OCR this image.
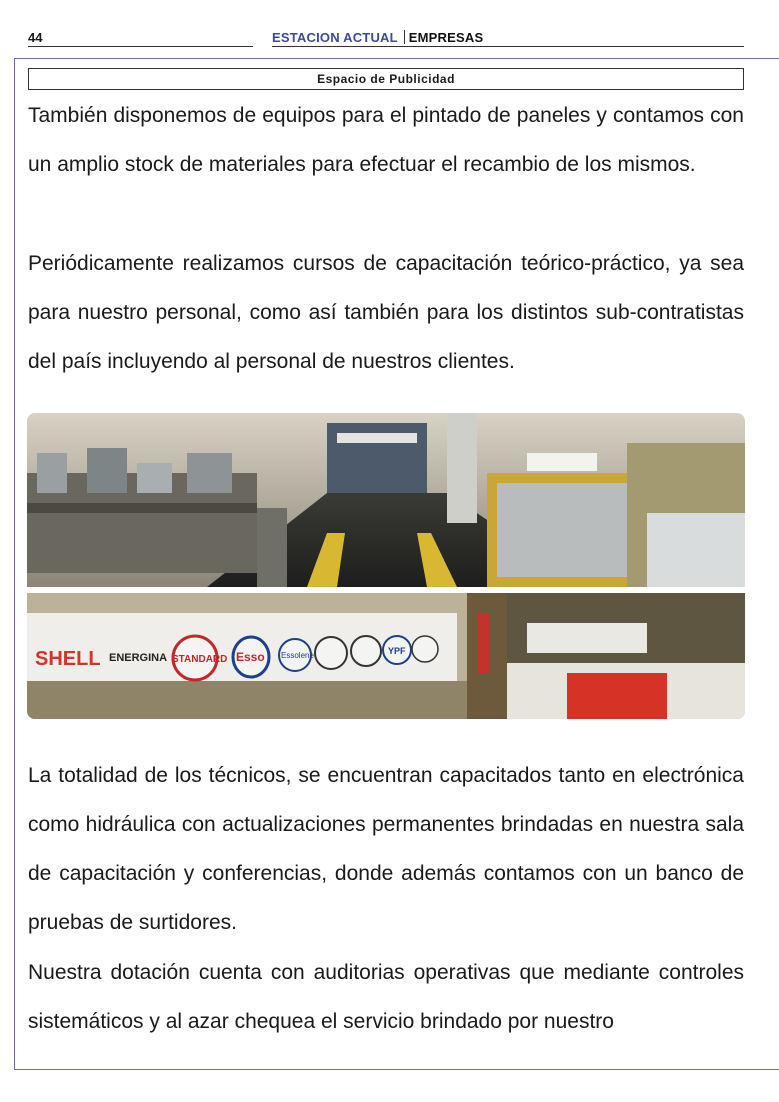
44	ESTACION ACTUAL EMPRESAS
Espacio de Publicidad
También disponemos de equipos para el pintado de paneles y contamos con un amplio stock de materiales para efectuar el recambio de los mismos.
Periódicamente realizamos cursos de capacitación teórico-práctico, ya sea para nuestro personal, como así también para los distintos sub-contratistas del país incluyendo al personal de nuestros clientes.
SHELL ENERGINA STANDARD Esso Essolene	YPF
La totalidad de los técnicos, se encuentran capacitados tanto en electrónica como hidráulica con actualizaciones permanentes brindadas en nuestra sala de capacitación y conferencias, donde además contamos con un banco de pruebas de surtidores.
Nuestra dotación cuenta con auditorias operativas que mediante controles sistemáticos y al azar chequea el servicio brindado por nuestro
